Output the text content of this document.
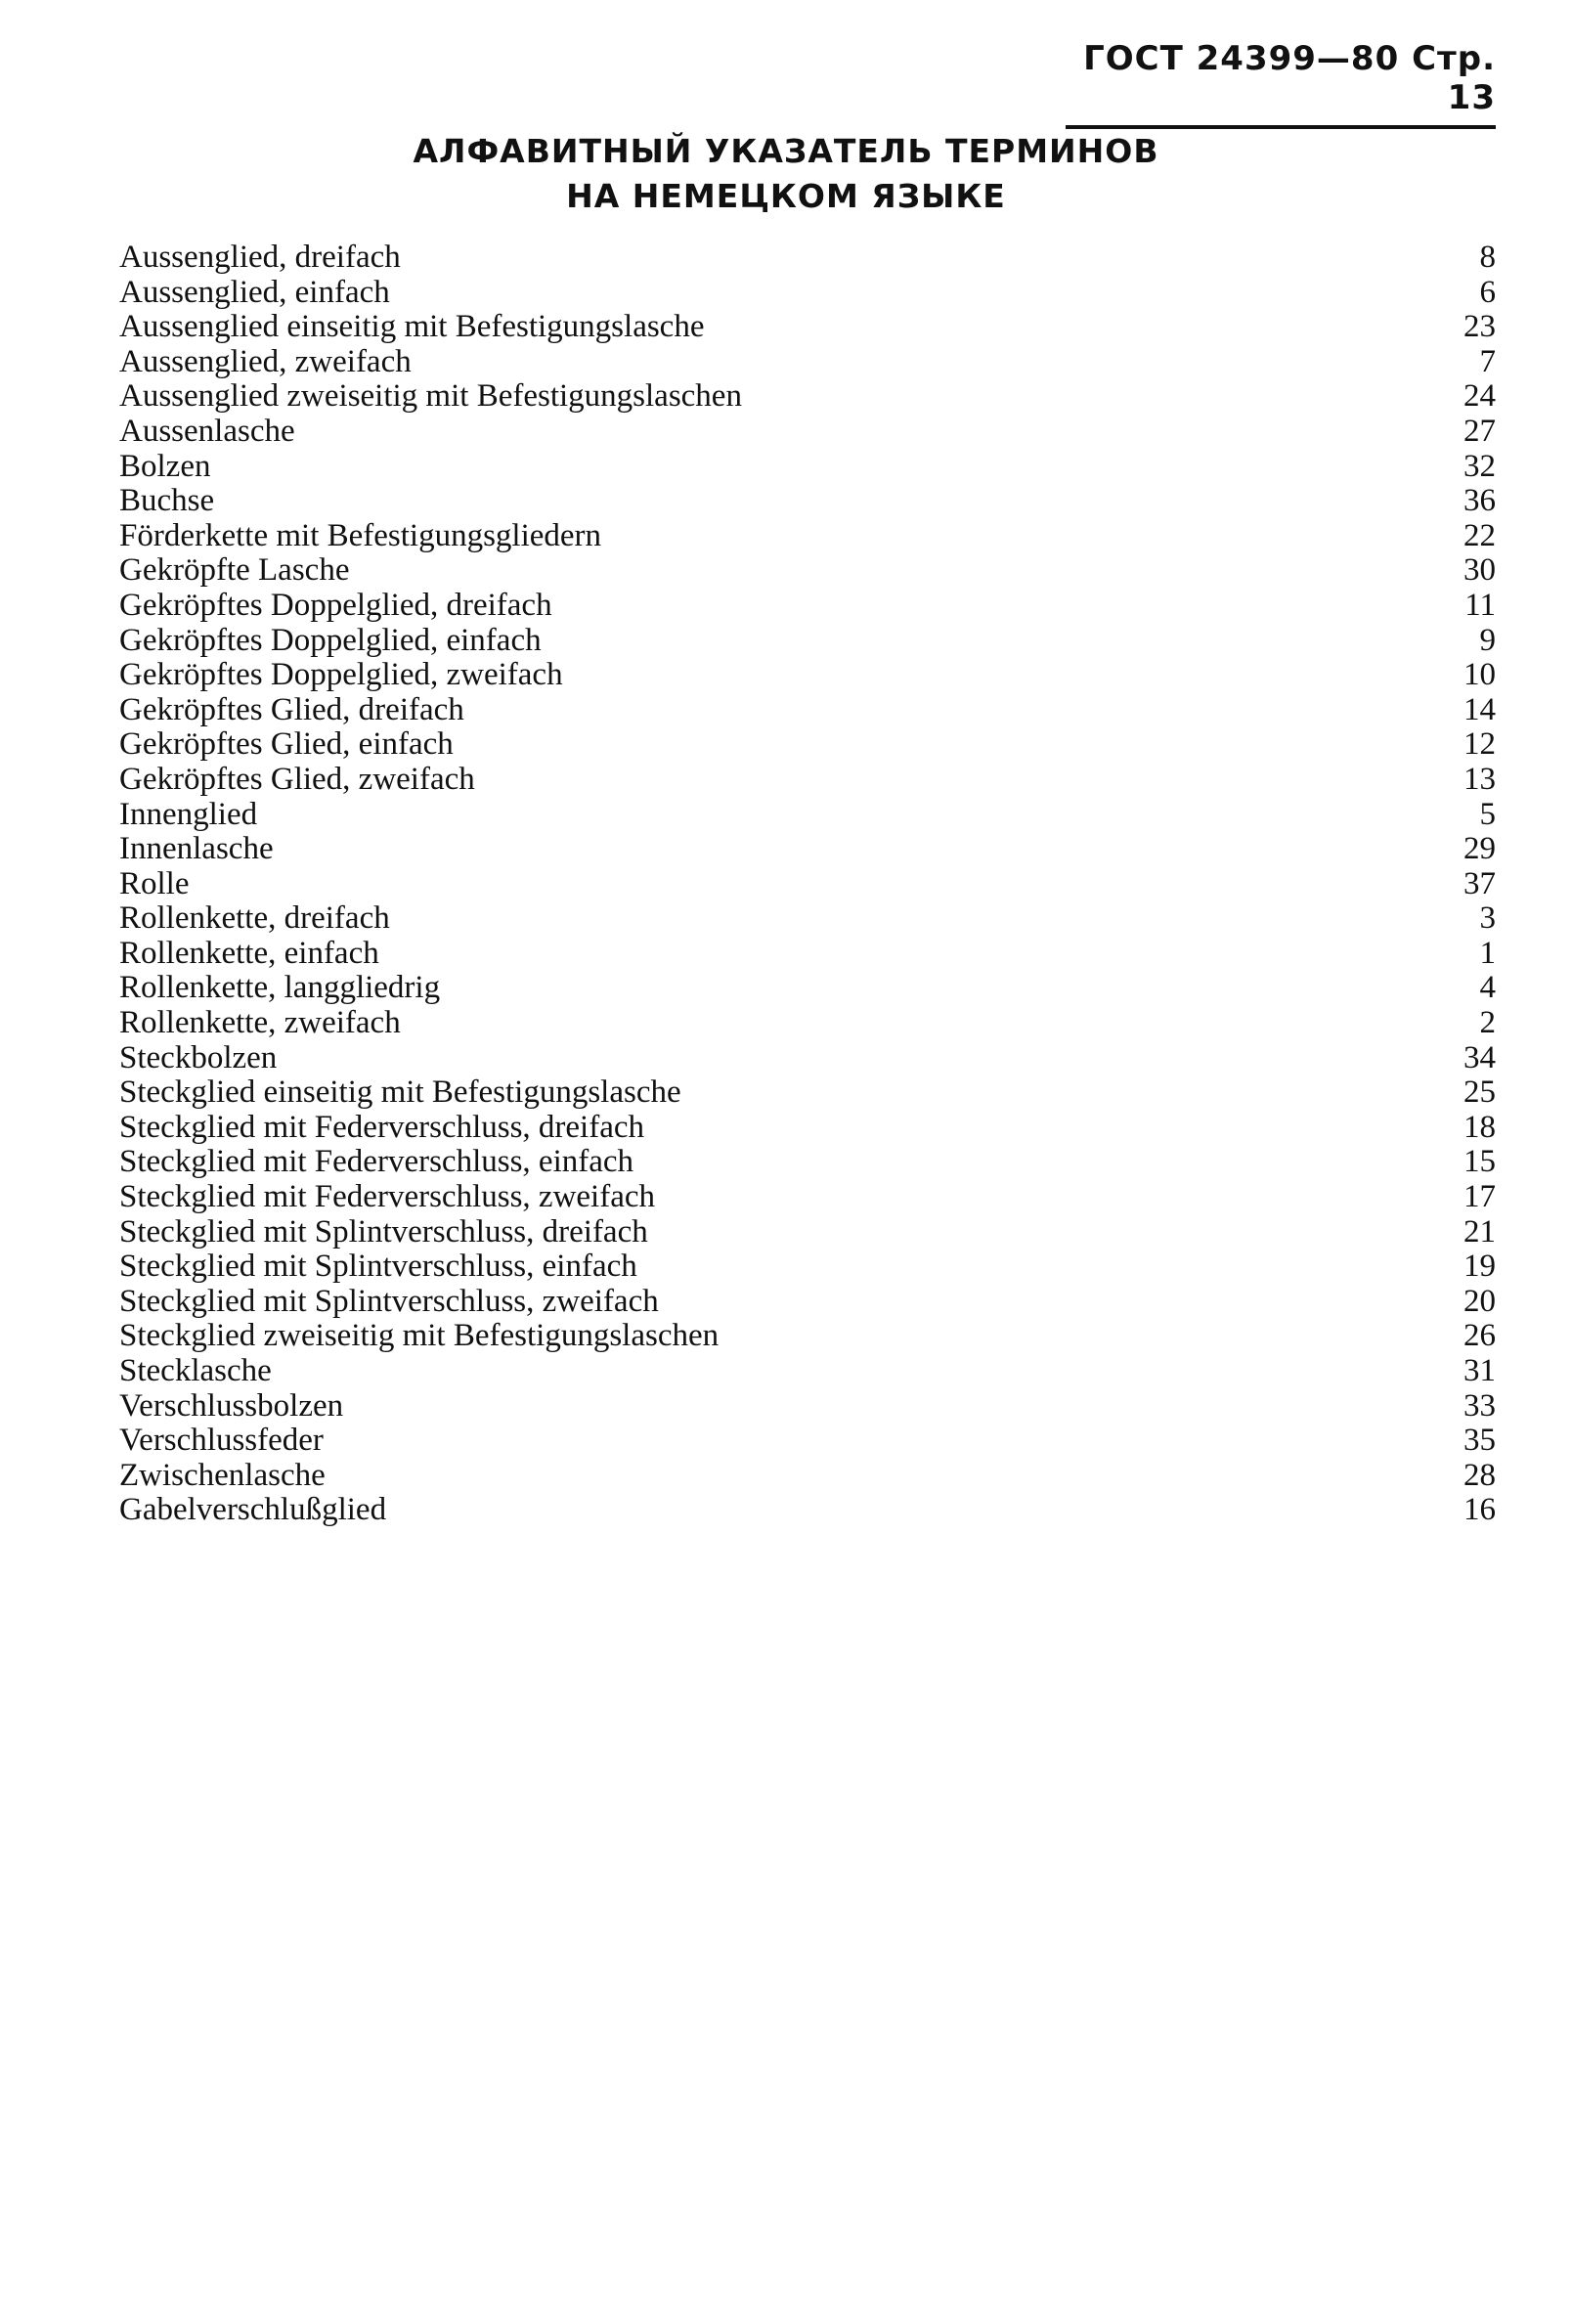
ГОСТ 24399—80 Стр. 13
АЛФАВИТНЫЙ УКАЗАТЕЛЬ ТЕРМИНОВ
НА НЕМЕЦКОМ ЯЗЫКЕ
Aussenglied, dreifach	8
Aussenglied, einfach	6
Aussenglied einseitig mit Befestigungslasche	23
Aussenglied, zweifach	7
Aussenglied zweiseitig mit Befestigungslaschen	24
Aussenlasche	27
Bolzen	32
Buchse	36
Förderkette mit Befestigungsgliedern	22
Gekröpfte Lasche	30
Gekröpftes Doppelglied, dreifach	11
Gekröpftes Doppelglied, einfach	9
Gekröpftes Doppelglied, zweifach	10
Gekröpftes Glied, dreifach	14
Gekröpftes Glied, einfach	12
Gekröpftes Glied, zweifach	13
Innenglied	5
Innenlasche	29
Rolle	37
Rollenkette, dreifach	3
Rollenkette, einfach	1
Rollenkette, langgliedrig	4
Rollenkette, zweifach	2
Steckbolzen	34
Steckglied einseitig mit Befestigungslasche	25
Steckglied mit Federverschluss, dreifach	18
Steckglied mit Federverschluss, einfach	15
Steckglied mit Federverschluss, zweifach	17
Steckglied mit Splintverschluss, dreifach	21
Steckglied mit Splintverschluss, einfach	19
Steckglied mit Splintverschluss, zweifach	20
Steckglied zweiseitig mit Befestigungslaschen	26
Stecklasche	31
Verschlussbolzen	33
Verschlussfeder	35
Zwischenlasche	28
Gabelverschlußglied	16
